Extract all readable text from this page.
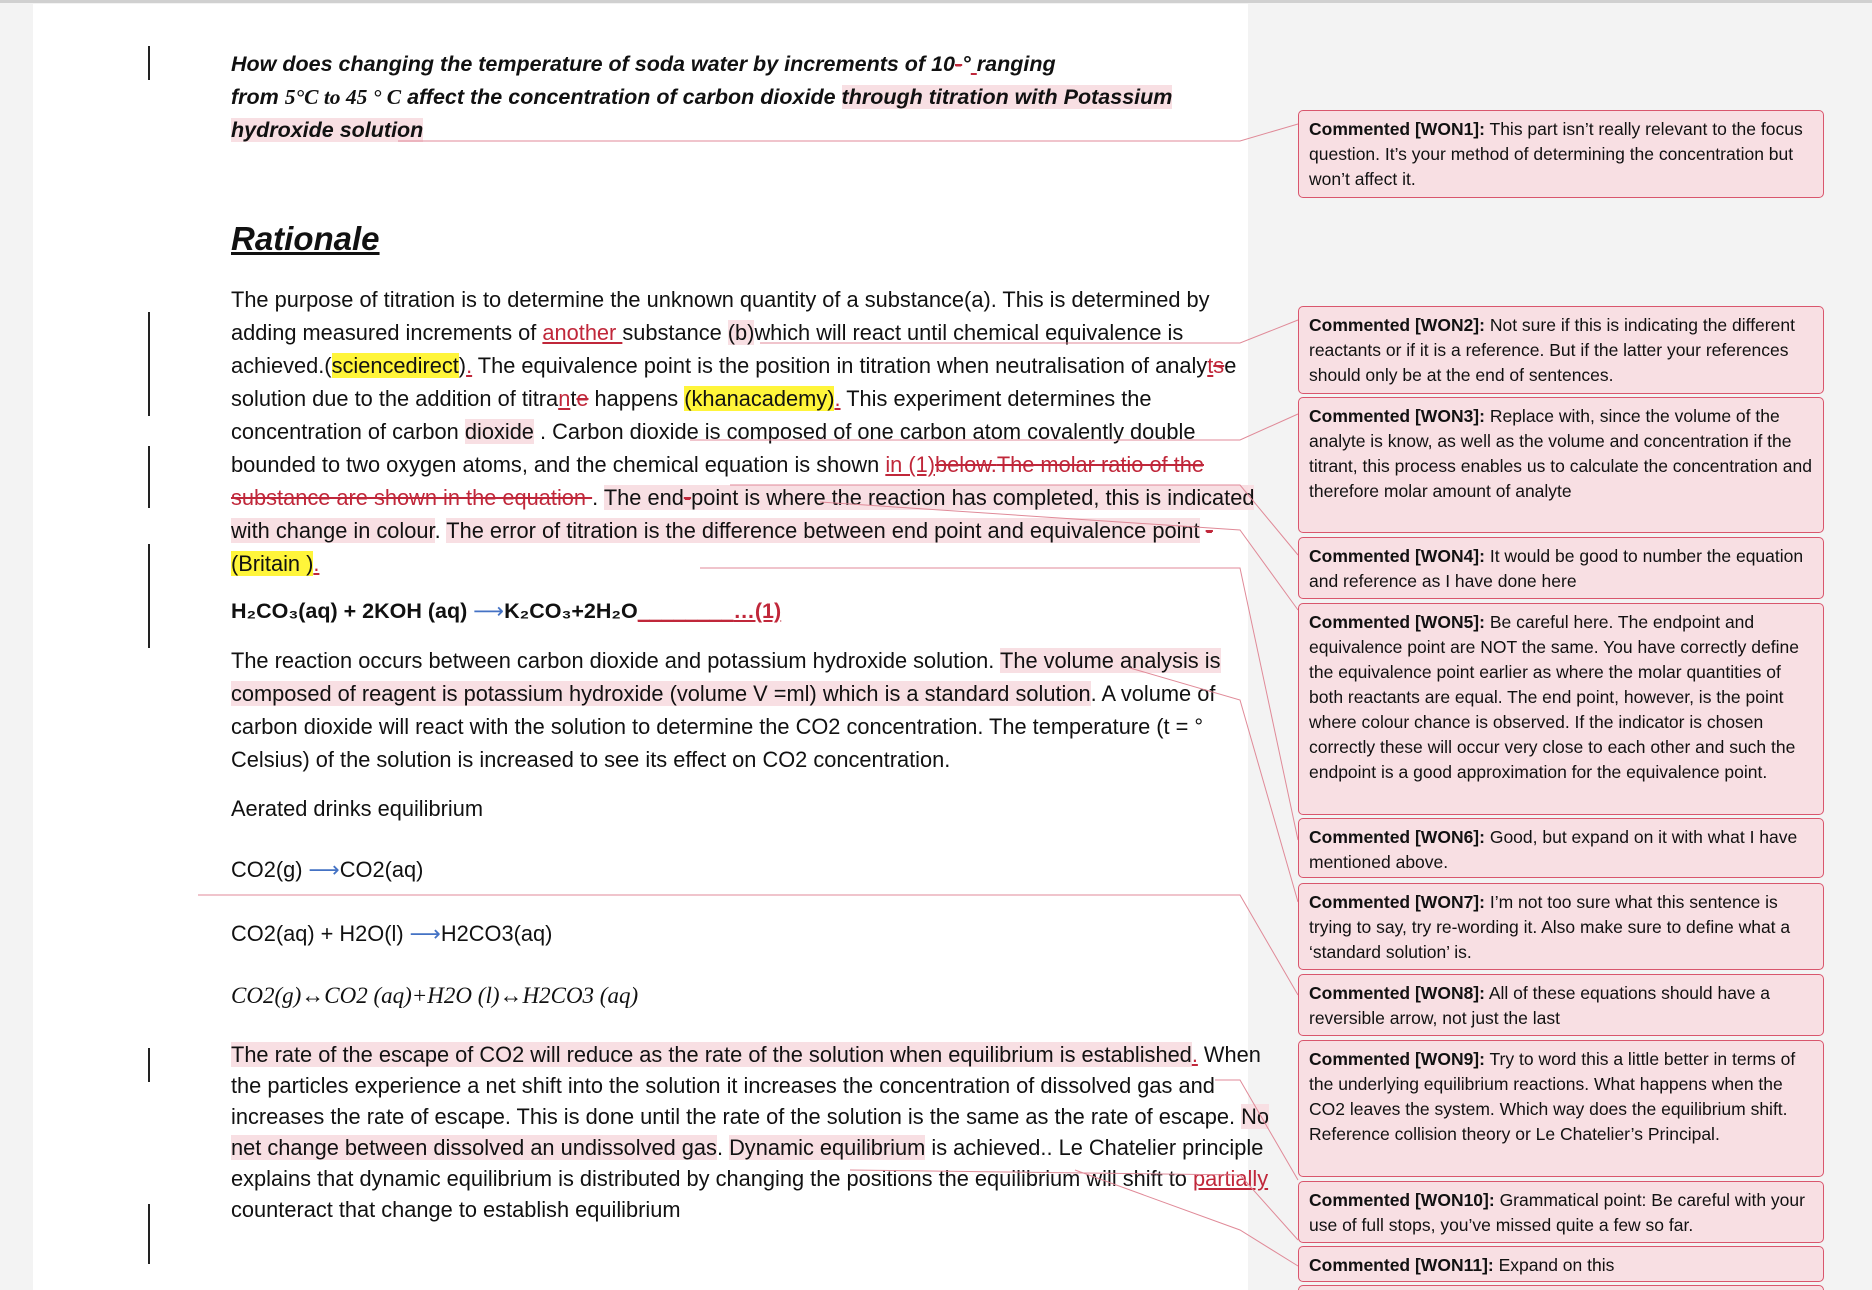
How does changing the temperature of soda water by increments of 10-° ranging
from 5°C to 45 ° C affect the concentration of carbon dioxide through titration with Potassium hydroxide solution
Rationale

The purpose of titration is to determine the unknown quantity of a substance(a). This is determined by adding measured increments of another substance (b)which will react until chemical equivalence is achieved.(sciencedirect). The equivalence point is the position in titration when neutralisation of analytse solution due to the addition of titrante happens (khanacademy). This experiment determines the concentration of carbon dioxide . Carbon dioxide is composed of one carbon atom covalently double bounded to two oxygen atoms, and the chemical equation is shown in (1)below.The molar ratio of the substance are shown in the equation . The end-point is where the reaction has completed, this is indicated with change in colour. The error of titration is the difference between end point and equivalence point -(Britain ).

H₂CO₃(aq) + 2KOH (aq) ⟶K₂CO₃+2H₂O________…(1)

The reaction occurs between carbon dioxide and potassium hydroxide solution. The volume analysis is composed of reagent is potassium hydroxide (volume V =ml) which is a standard solution. A volume of carbon dioxide will react with the solution to determine the CO2 concentration. The temperature (t = ° Celsius) of the solution is increased to see its effect on CO2 concentration.

Aerated drinks equilibrium
CO2(g) ⟶CO2(aq)
CO2(aq) + H2O(l) ⟶H2CO3(aq)
CO2(g)↔CO2 (aq)+H2O (l)↔H2CO3 (aq)

The rate of the escape of CO2 will reduce as the rate of the solution when equilibrium is established. When the particles experience a net shift into the solution it increases the concentration of dissolved gas and increases the rate of escape. This is done until the rate of the solution is the same as the rate of escape. No net change between dissolved an undissolved gas. Dynamic equilibrium is achieved.. Le Chatelier principle explains that dynamic equilibrium is distributed by changing the positions the equilibrium will shift to partially counteract that change to establish equilibrium

Commented [WON1]: This part isn’t really relevant to the focus question. It’s your method of determining the concentration but won’t affect it.
Commented [WON2]: Not sure if this is indicating the different reactants or if it is a reference. But if the latter your references should only be at the end of sentences.
Commented [WON3]: Replace with, since the volume of the analyte is know, as well as the volume and concentration if the titrant, this process enables us to calculate the concentration and therefore molar amount of analyte
Commented [WON4]: It would be good to number the equation and reference as I have done here
Commented [WON5]: Be careful here. The endpoint and equivalence point are NOT the same. You have correctly define the equivalence point earlier as where the molar quantities of both reactants are equal. The end point, however, is the point where colour chance is observed. If the indicator is chosen correctly these will occur very close to each other and such the endpoint is a good approximation for the equivalence point.
Commented [WON6]: Good, but expand on it with what I have mentioned above.
Commented [WON7]: I’m not too sure what this sentence is trying to say, try re-wording it. Also make sure to define what a ‘standard solution’ is.
Commented [WON8]: All of these equations should have a reversible arrow, not just the last
Commented [WON9]: Try to word this a little better in terms of the underlying equilibrium reactions. What happens when the CO2 leaves the system. Which way does the equilibrium shift. Reference collision theory or Le Chatelier’s Principal.
Commented [WON10]: Grammatical point: Be careful with your use of full stops, you’ve missed quite a few so far.
Commented [WON11]: Expand on this
